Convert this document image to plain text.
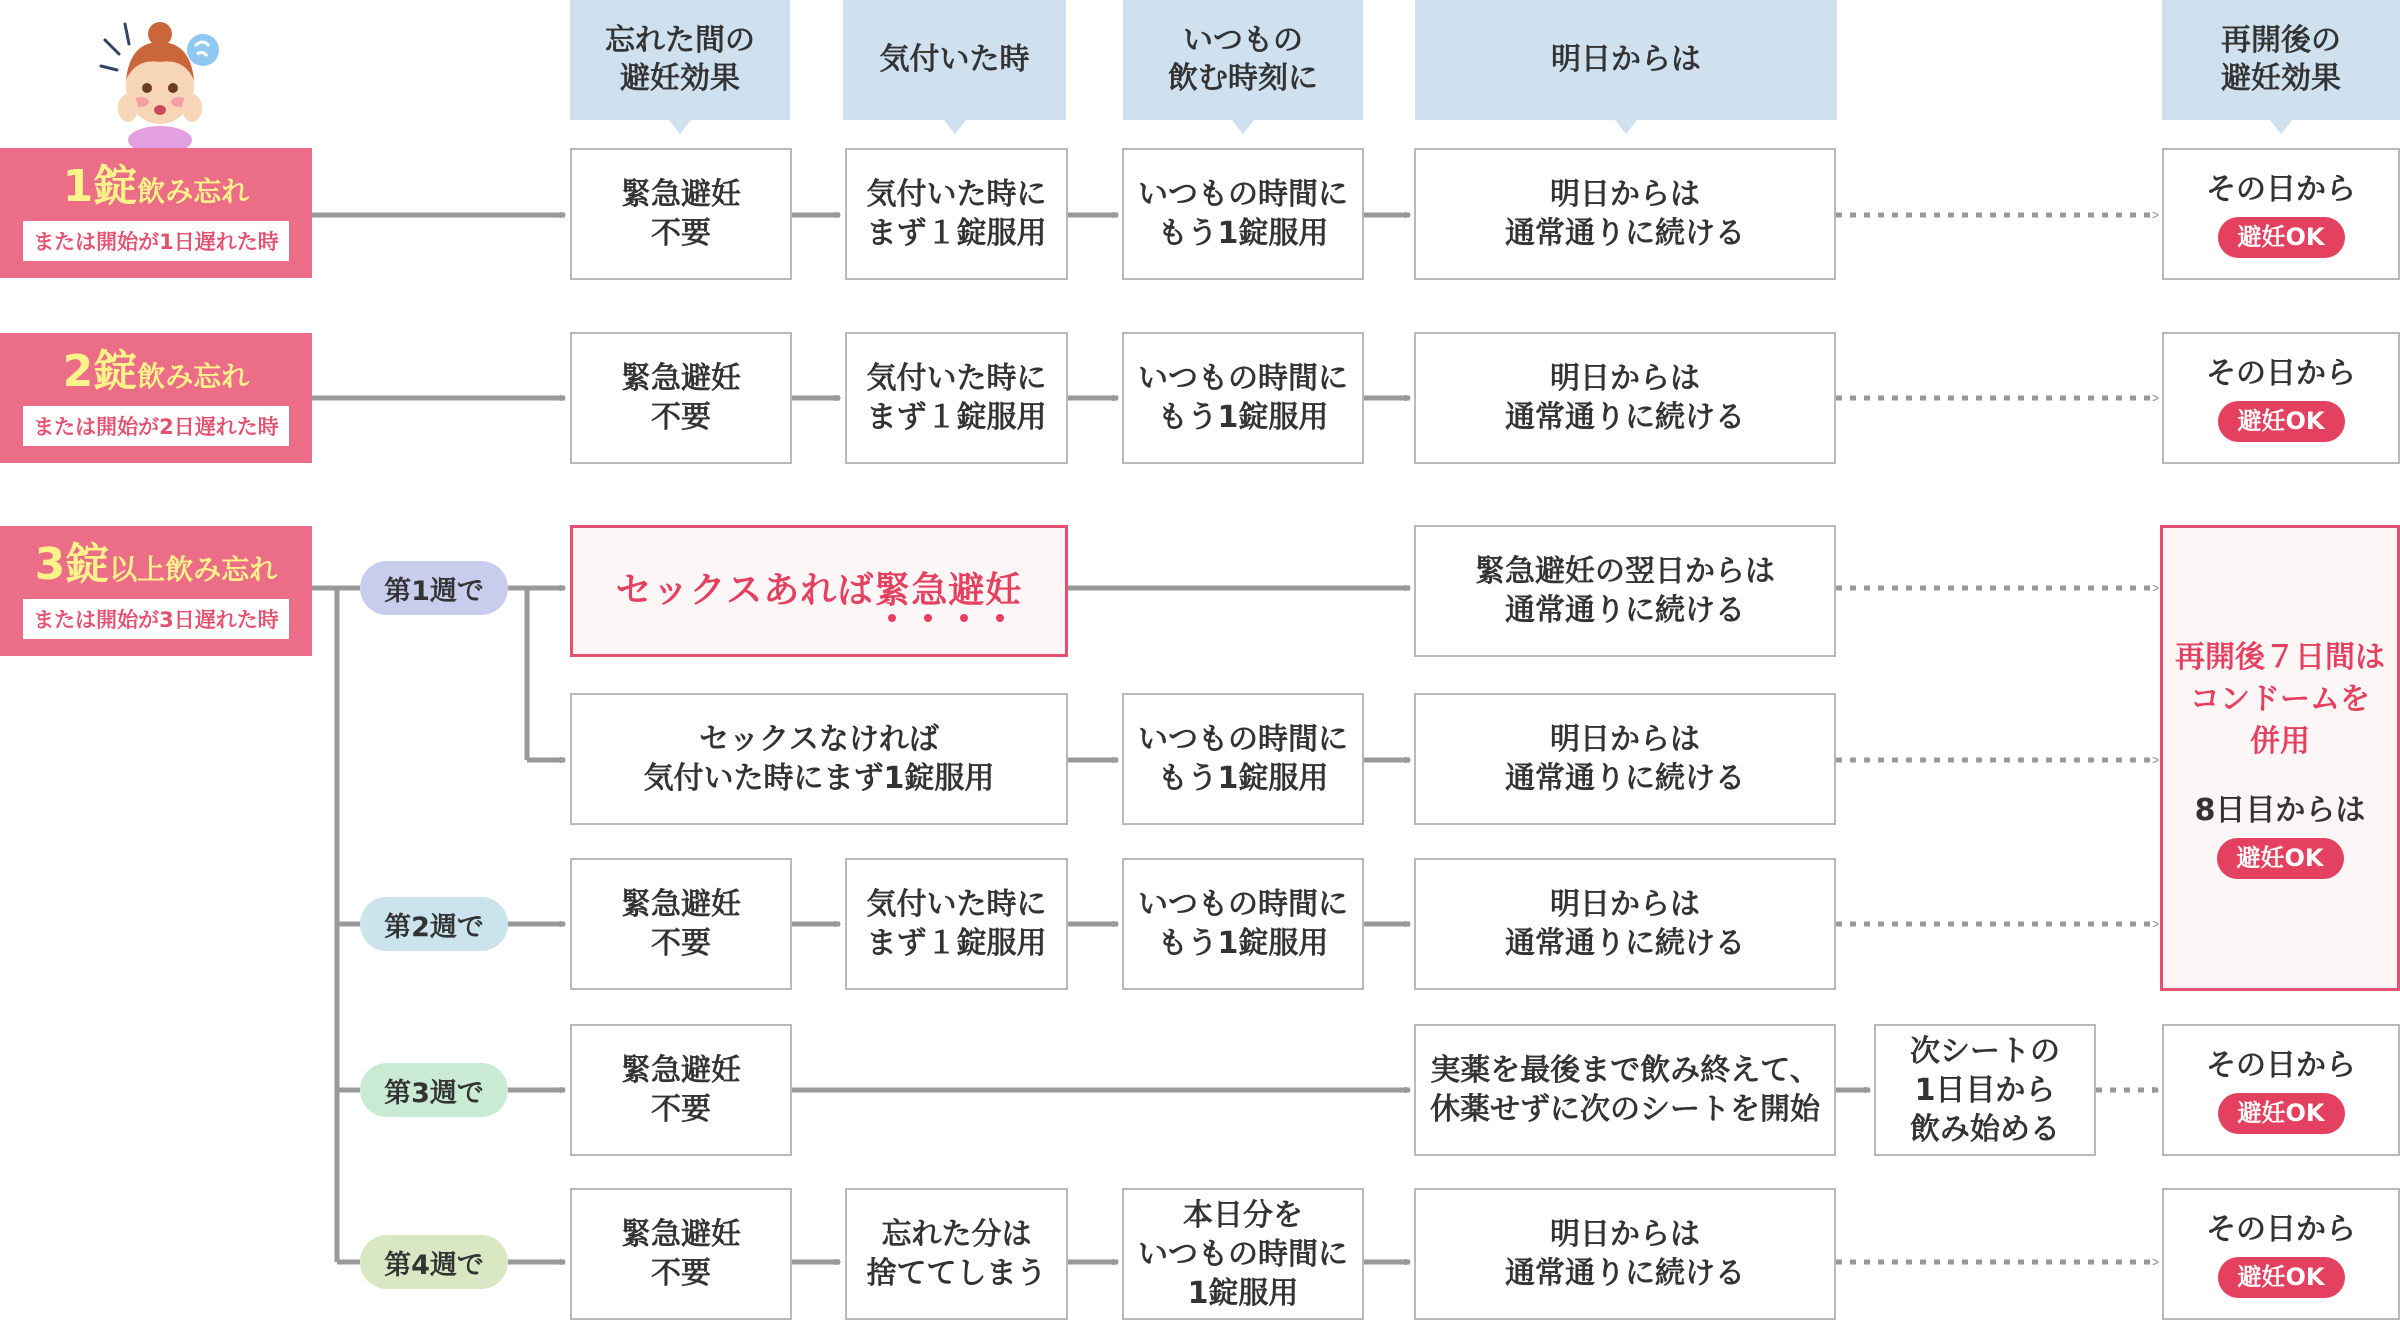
忘れた間の
避妊効果
気付いた時
いつもの
飲む時刻に
明日からは
再開後の
避妊効果
1錠飲み忘れ
または開始が1日遅れた時
2錠飲み忘れ
または開始が2日遅れた時
3錠以上飲み忘れ
または開始が3日遅れた時
第1週で
第2週で
第3週で
第4週で
緊急避妊
不要
気付いた時に
まず１錠服用
いつもの時間に
もう1錠服用
明日からは
通常通りに続ける
その日から
避妊OK
緊急避妊
不要
気付いた時に
まず１錠服用
いつもの時間に
もう1錠服用
明日からは
通常通りに続ける
その日から
避妊OK
セックスあれば 緊急避妊	緊急避妊の翌日からは
通常通りに続ける
セックスなければ
気付いた時にまず1錠服用
いつもの時間に
もう1錠服用
明日からは
通常通りに続ける
再開後７日間は
コンドームを
併用
8日目からは
避妊OK
緊急避妊
不要
気付いた時に
まず１錠服用
いつもの時間に
もう1錠服用
明日からは
通常通りに続ける
緊急避妊
不要
実薬を最後まで飲み終えて、
休薬せずに次のシートを開始
次シートの
1日目から
飲み始める
その日から
避妊OK
緊急避妊
不要
忘れた分は
捨ててしまう
本日分を
いつもの時間に
1錠服用
明日からは
通常通りに続ける
その日から
避妊OK
